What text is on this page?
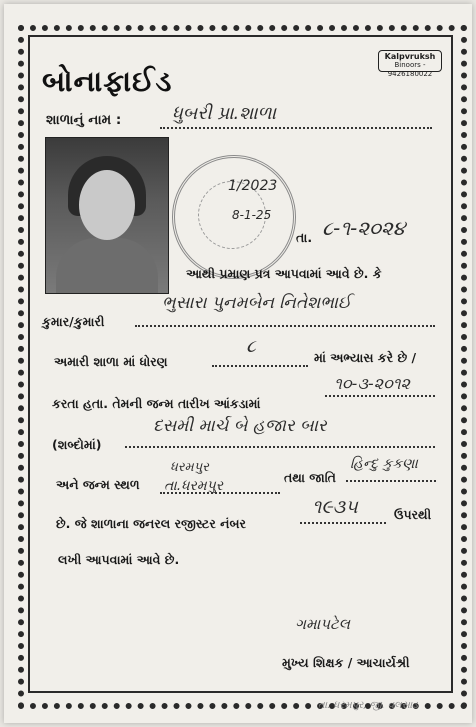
બોનાફાઈડ
Kalpvruksh
Binoors - 9426180022
શાળાનું નામ :	ધુબરી પ્રા.શાળા
1/2023
8-1-25
તા. ૮-૧-૨૦૨૪
આથી પ્રમાણ પ્રત્ર આપવામાં આવે છે. કે
કુમાર/કુમારી
ભુસારા પુનમબેન નિતેશભાઈ
અમારી શાળા માં ધોરણ
૮
માં અભ્યાસ કરે છે /
કરતા હતા. તેમની જન્મ તારીખ આંકડામાં
૧૦-૩-૨૦૧૨
(શબ્દોમાં)
દસમી માર્ચ બે હજાર બાર
અને જન્મ સ્થળ
ધરમપુર
તા.ધરમપુર
તથા જાતિ
હિન્દુ કુકણા
છે. જે શાળાના જનરલ રજીસ્ટર નંબર
૧૯૩૫	ઉપરથી
લખી આપવામાં આવે છે.
ગમાપટેલ
મુખ્ય શિક્ષક / આચાર્યશ્રી
તા. ધરમપુર, જી. વલસાડ
